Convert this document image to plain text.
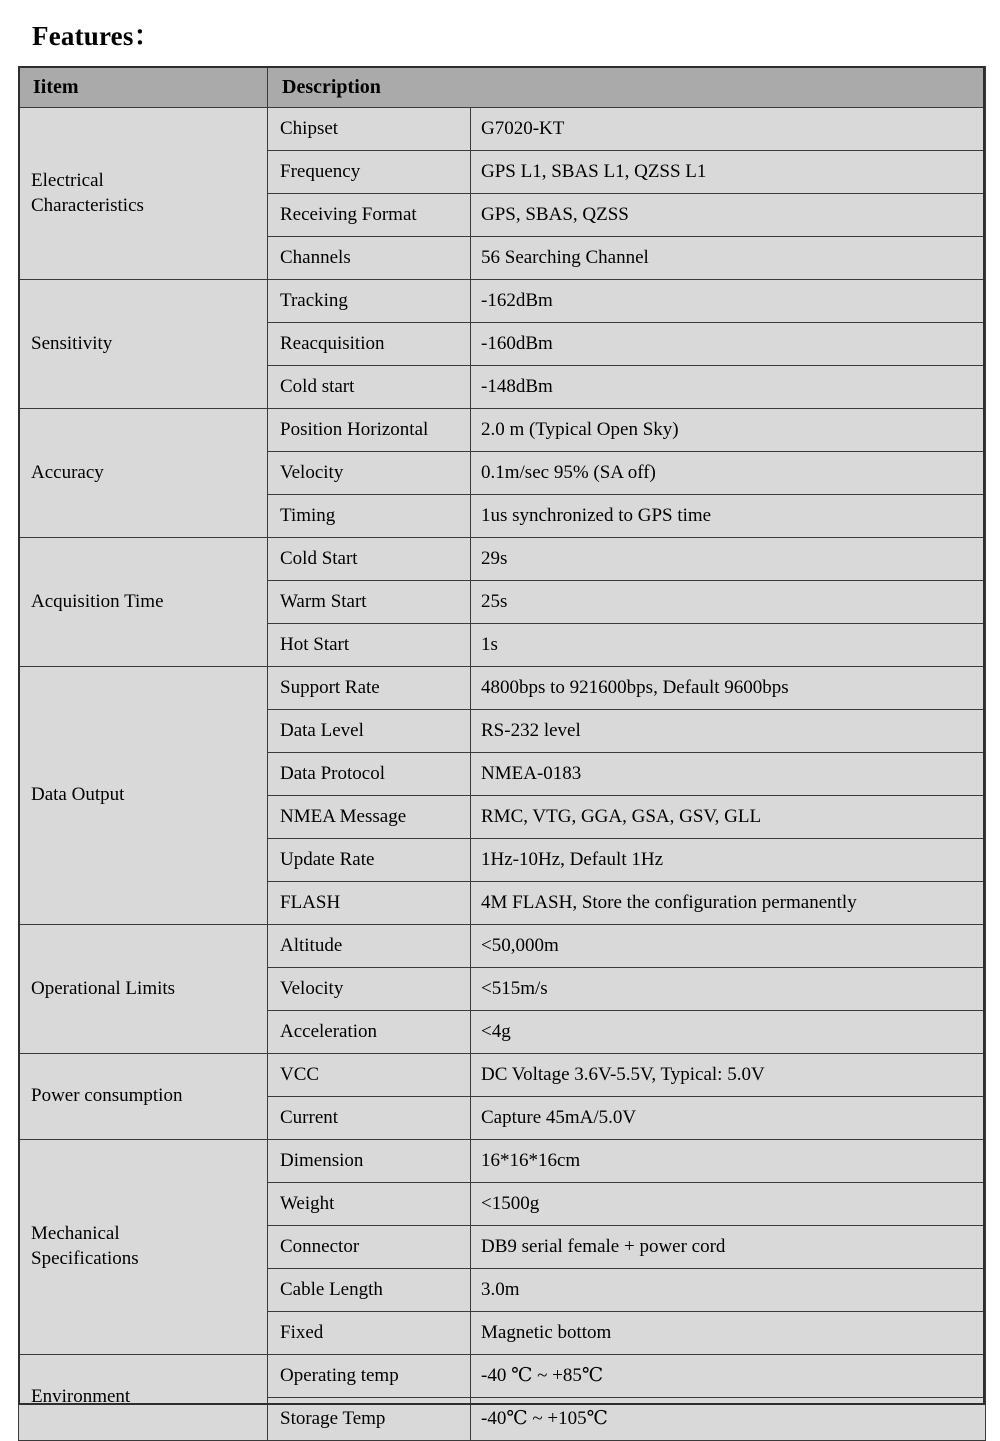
Features：
Iitem	Description	

Electrical
Characteristics	Chipset	G7020-KT
	Frequency	GPS L1, SBAS L1, QZSS L1
	Receiving Format	GPS, SBAS, QZSS
	Channels	56 Searching Channel

Sensitivity	Tracking	-162dBm
	Reacquisition	-160dBm
	Cold start	-148dBm

Accuracy	Position Horizontal	2.0 m (Typical Open Sky)
	Velocity	0.1m/sec 95% (SA off)
	Timing	1us synchronized to GPS time

Acquisition Time	Cold Start	29s
	Warm Start	25s
	Hot Start	1s

Data Output	Support Rate	4800bps to 921600bps, Default 9600bps
	Data Level	RS-232 level
	Data Protocol	NMEA-0183
	NMEA Message	RMC, VTG, GGA, GSA, GSV, GLL
	Update Rate	1Hz-10Hz, Default 1Hz
	FLASH	4M FLASH, Store the configuration permanently

Operational Limits	Altitude	<50,000m
	Velocity	<515m/s
	Acceleration	<4g

Power consumption	VCC	DC Voltage 3.6V-5.5V, Typical: 5.0V
	Current	Capture 45mA/5.0V

Mechanical
Specifications	Dimension	16*16*16cm
	Weight	<1500g
	Connector	DB9 serial female + power cord
	Cable Length	3.0m
	Fixed	Magnetic bottom

Environment	Operating temp	-40 ℃ ~ +85℃
	Storage Temp	-40℃ ~ +105℃
